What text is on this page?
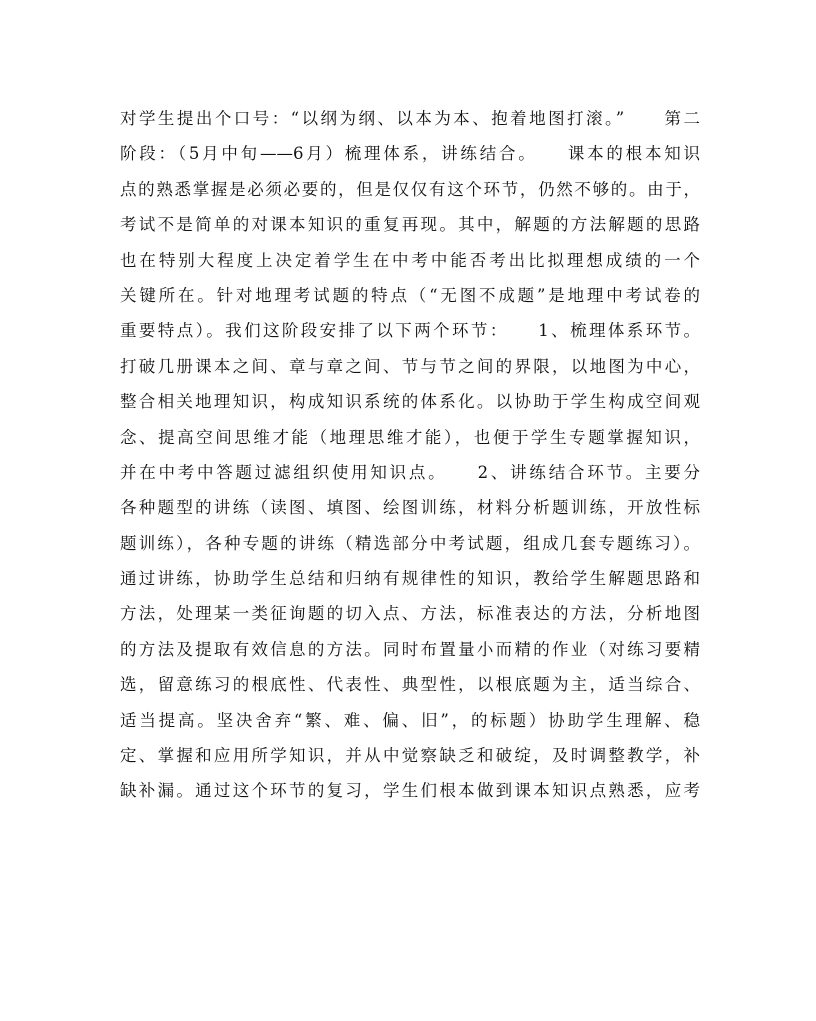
对学生提出个口号：“以纲为纲、以本为本、抱着地图打滚。”　　第二
阶段：（5月中旬——6月）梳理体系，讲练结合。　　课本的根本知识
点的熟悉掌握是必须必要的，但是仅仅有这个环节，仍然不够的。由于，
考试不是简单的对课本知识的重复再现。其中，解题的方法解题的思路
也在特别大程度上决定着学生在中考中能否考出比拟理想成绩的一个
关键所在。针对地理考试题的特点（“无图不成题”是地理中考试卷的
重要特点）。我们这阶段安排了以下两个环节：　　1、梳理体系环节。
打破几册课本之间、章与章之间、节与节之间的界限，以地图为中心，
整合相关地理知识，构成知识系统的体系化。以协助于学生构成空间观
念、提高空间思维才能（地理思维才能），也便于学生专题掌握知识，
并在中考中答题过滤组织使用知识点。　　2、讲练结合环节。主要分
各种题型的讲练（读图、填图、绘图训练，材料分析题训练，开放性标
题训练），各种专题的讲练（精选部分中考试题，组成几套专题练习）。
通过讲练，协助学生总结和归纳有规律性的知识，教给学生解题思路和
方法，处理某一类征询题的切入点、方法，标准表达的方法，分析地图
的方法及提取有效信息的方法。同时布置量小而精的作业（对练习要精
选，留意练习的根底性、代表性、典型性，以根底题为主，适当综合、
适当提高。坚决舍弃“繁、难、偏、旧”，的标题）协助学生理解、稳
定、掌握和应用所学知识，并从中觉察缺乏和破绽，及时调整教学，补
缺补漏。通过这个环节的复习，学生们根本做到课本知识点熟悉，应考
